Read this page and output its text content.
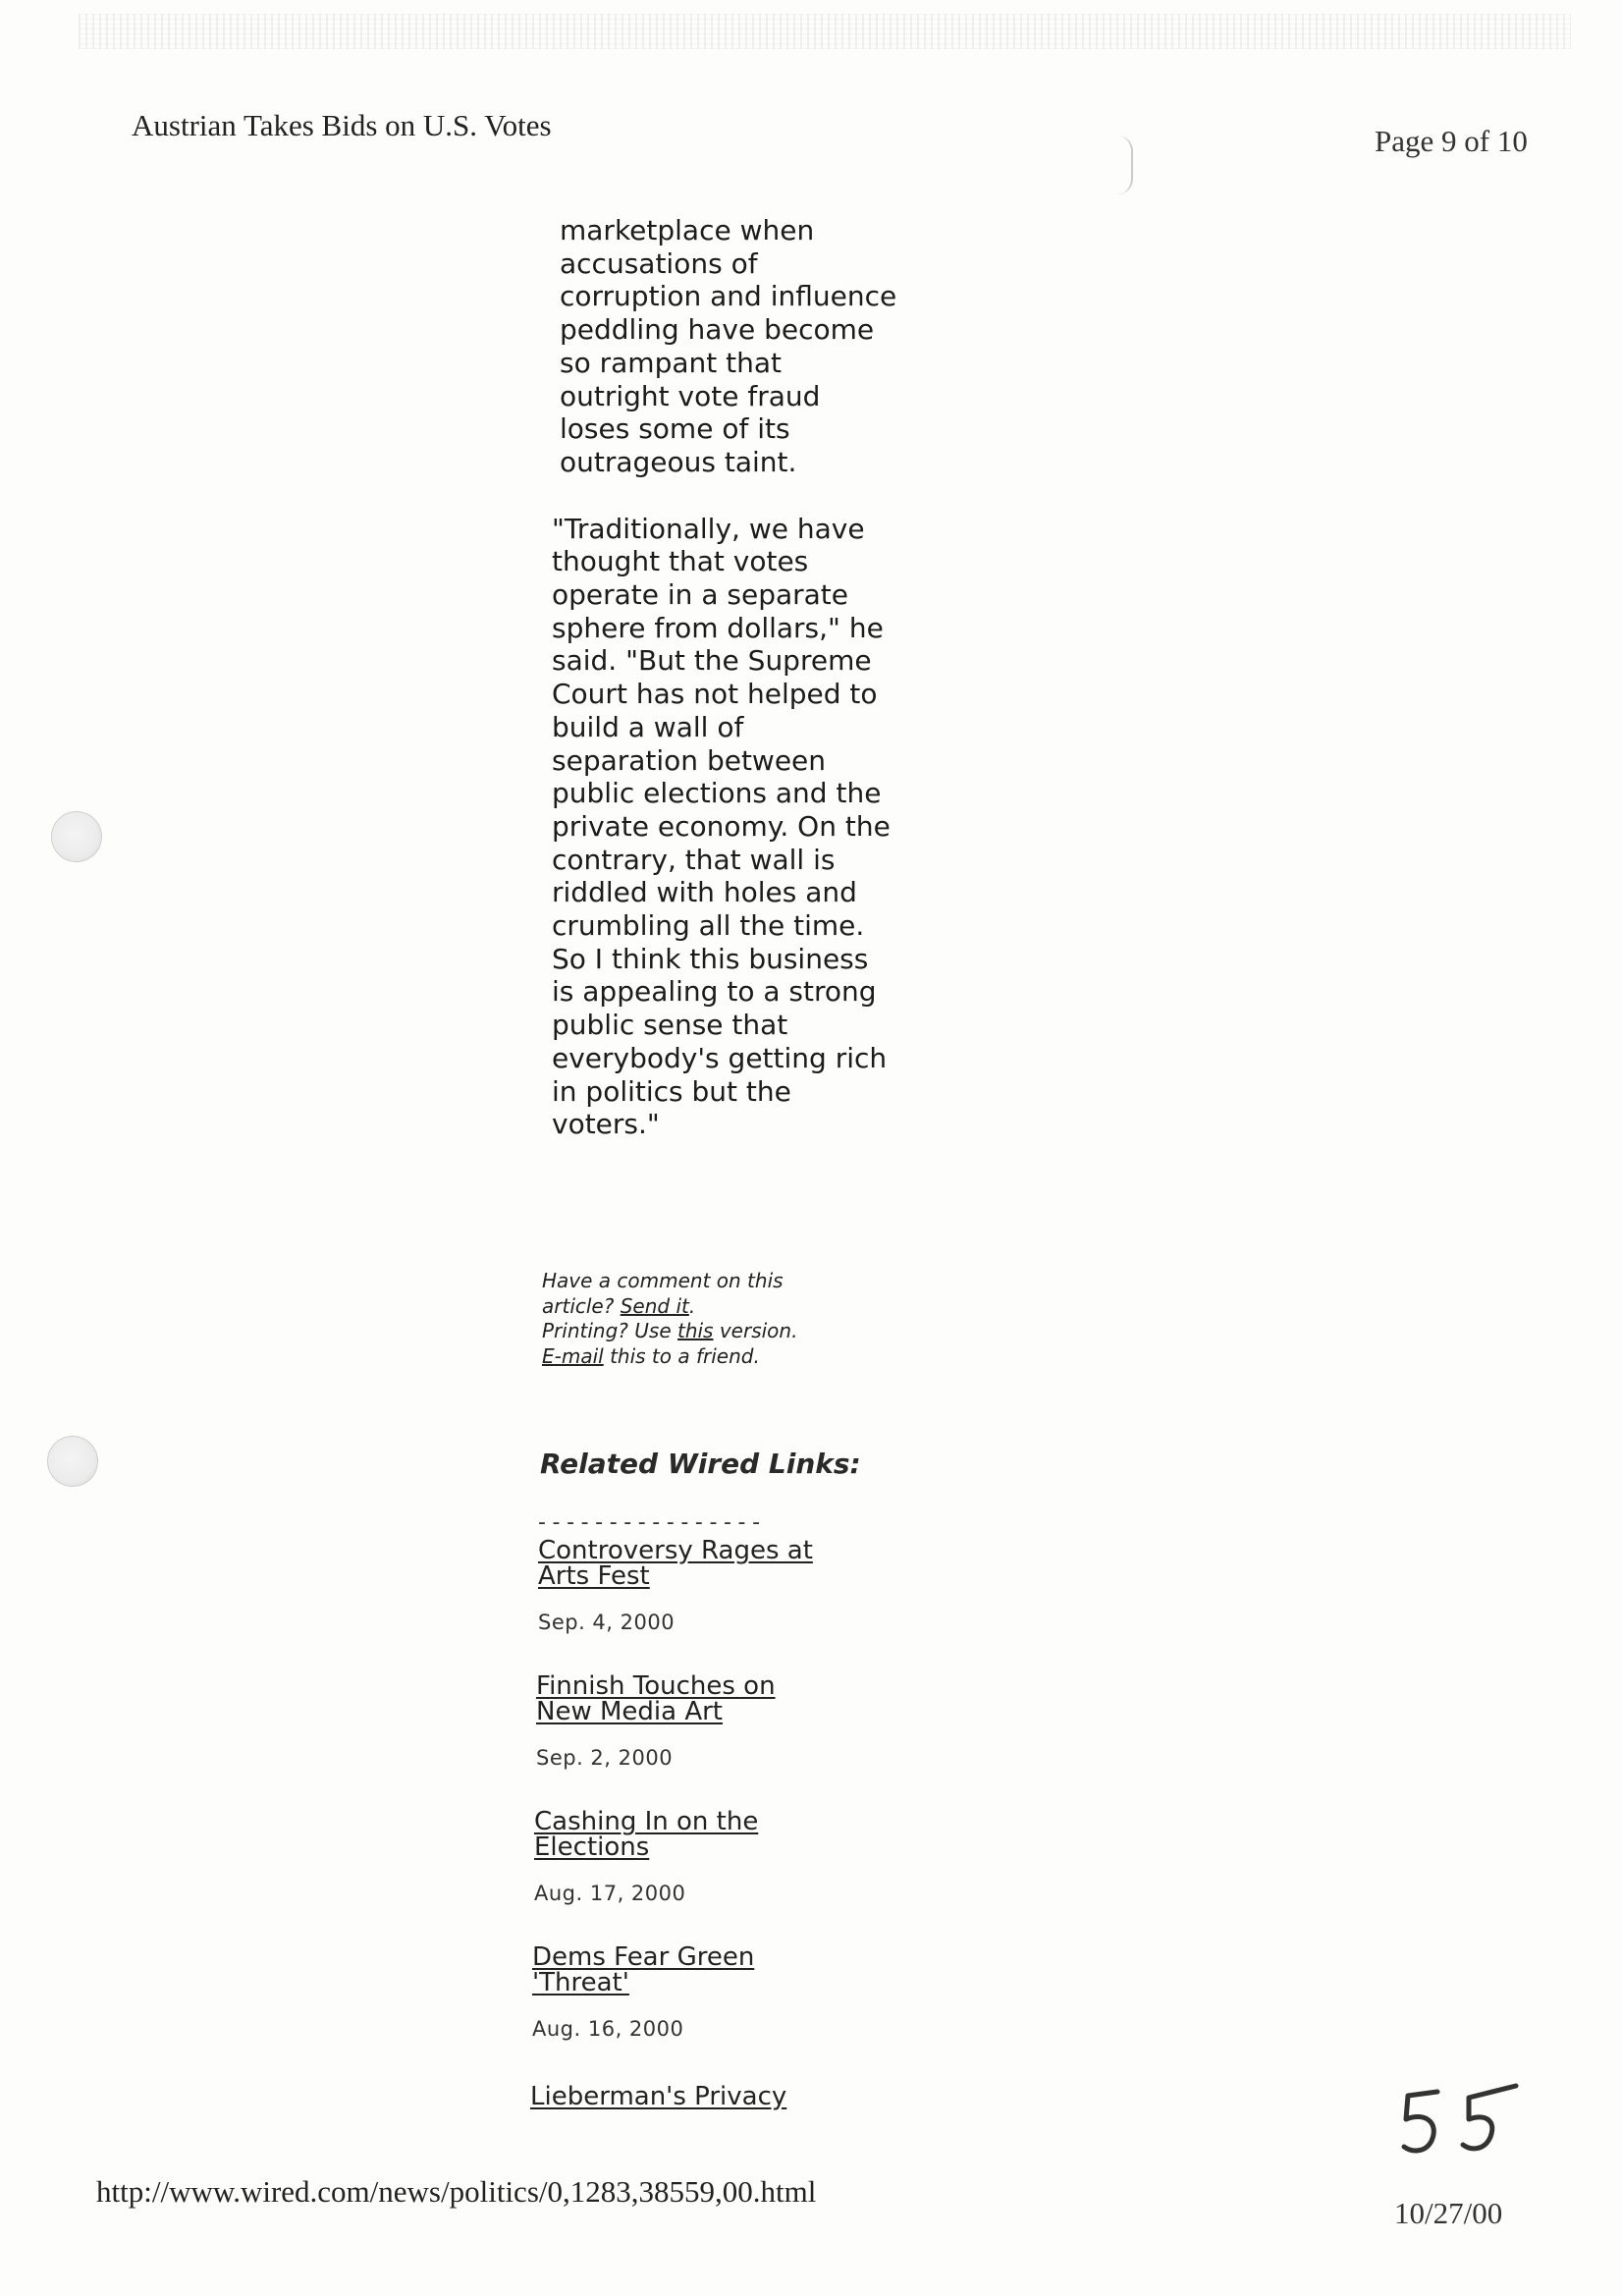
Austrian Takes Bids on U.S. Votes	Page 9 of 10

marketplace when accusations of corruption and influence peddling have become so rampant that outright vote fraud loses some of its outrageous taint.

"Traditionally, we have thought that votes operate in a separate sphere from dollars," he said. "But the Supreme Court has not helped to build a wall of separation between public elections and the private economy. On the contrary, that wall is riddled with holes and crumbling all the time. So I think this business is appealing to a strong public sense that everybody's getting rich in politics but the voters."

Have a comment on this
article? Send it.
Printing? Use this version.
E-mail this to a friend.
Related Wired Links:
----------------
Controversy Rages at
Arts Fest
Sep. 4, 2000
Finnish Touches on
New Media Art
Sep. 2, 2000
Cashing In on the
Elections
Aug. 17, 2000
Dems Fear Green
'Threat'
Aug. 16, 2000
Lieberman's Privacy
http://www.wired.com/news/politics/0,1283,38559,00.html
10/27/00
